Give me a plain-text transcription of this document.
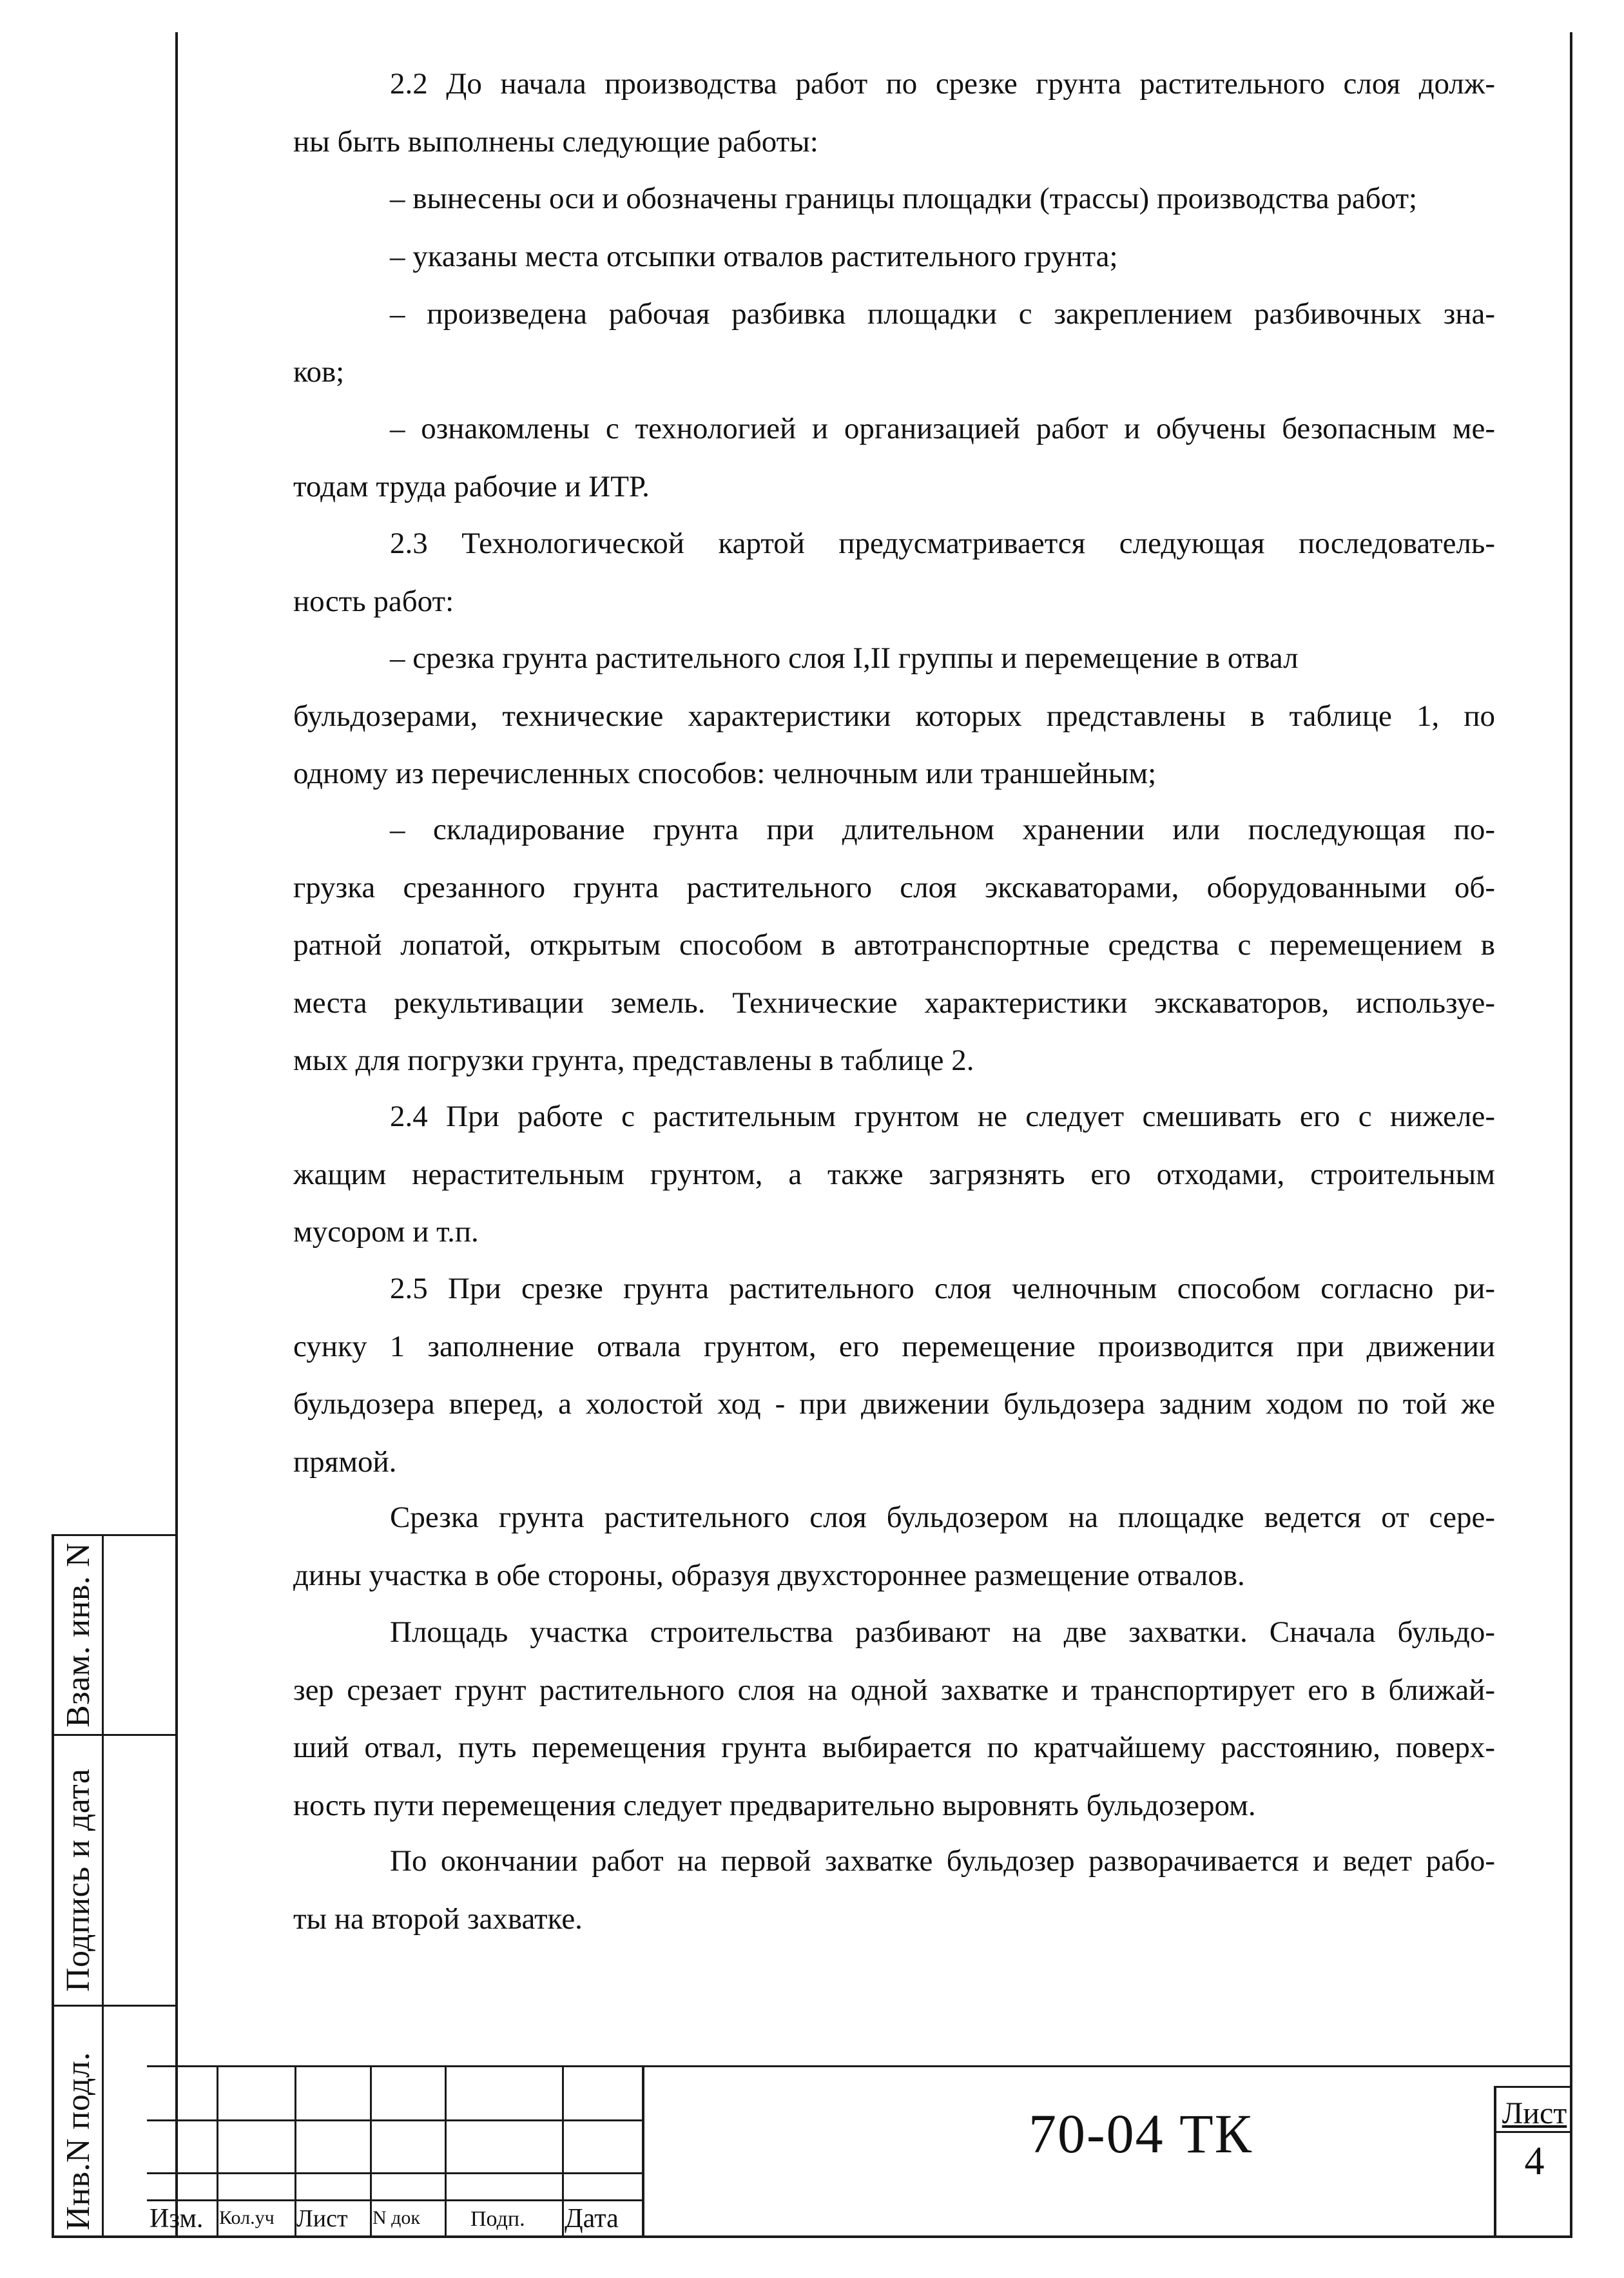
Взам. инв. N
Подпись и дата
Инв.N подл. Изм. Кол.уч Лист N док Подп. Дата
70-04 ТК	Лист
4

2.2 До начала производства работ по срезке грунта растительного слоя долж-
ны быть выполнены следующие работы:

– вынесены оси и обозначены границы площадки (трассы) производства работ;

– указаны места отсыпки отвалов растительного грунта;

– произведена рабочая разбивка площадки с закреплением разбивочных зна-
ков;

– ознакомлены с технологией и организацией работ и обучены безопасным ме-
тодам труда рабочие и ИТР.

2.3 Технологической картой предусматривается следующая последователь-
ность работ:

– срезка грунта растительного слоя I,II группы и перемещение в отвал
бульдозерами, технические характеристики которых представлены в таблице 1, по
одному из перечисленных способов: челночным или траншейным;

– складирование грунта при длительном хранении или последующая по-
грузка срезанного грунта растительного слоя экскаваторами, оборудованными об-
ратной лопатой, открытым способом в автотранспортные средства с перемещением в
места рекультивации земель. Технические характеристики экскаваторов, используе-
мых для погрузки грунта, представлены в таблице 2.

2.4 При работе с растительным грунтом не следует смешивать его с нижеле-
жащим нерастительным грунтом, а также загрязнять его отходами, строительным
мусором и т.п.

2.5 При срезке грунта растительного слоя челночным способом согласно ри-
сунку 1 заполнение отвала грунтом, его перемещение производится при движении
бульдозера вперед, а холостой ход - при движении бульдозера задним ходом по той же
прямой.

Срезка грунта растительного слоя бульдозером на площадке ведется от сере-
дины участка в обе стороны, образуя двухстороннее размещение отвалов.

Площадь участка строительства разбивают на две захватки. Сначала бульдо-
зер срезает грунт растительного слоя на одной захватке и транспортирует его в ближай-
ший отвал, путь перемещения грунта выбирается по кратчайшему расстоянию, поверх-
ность пути перемещения следует предварительно выровнять бульдозером.

По окончании работ на первой захватке бульдозер разворачивается и ведет рабо-
ты на второй захватке.
